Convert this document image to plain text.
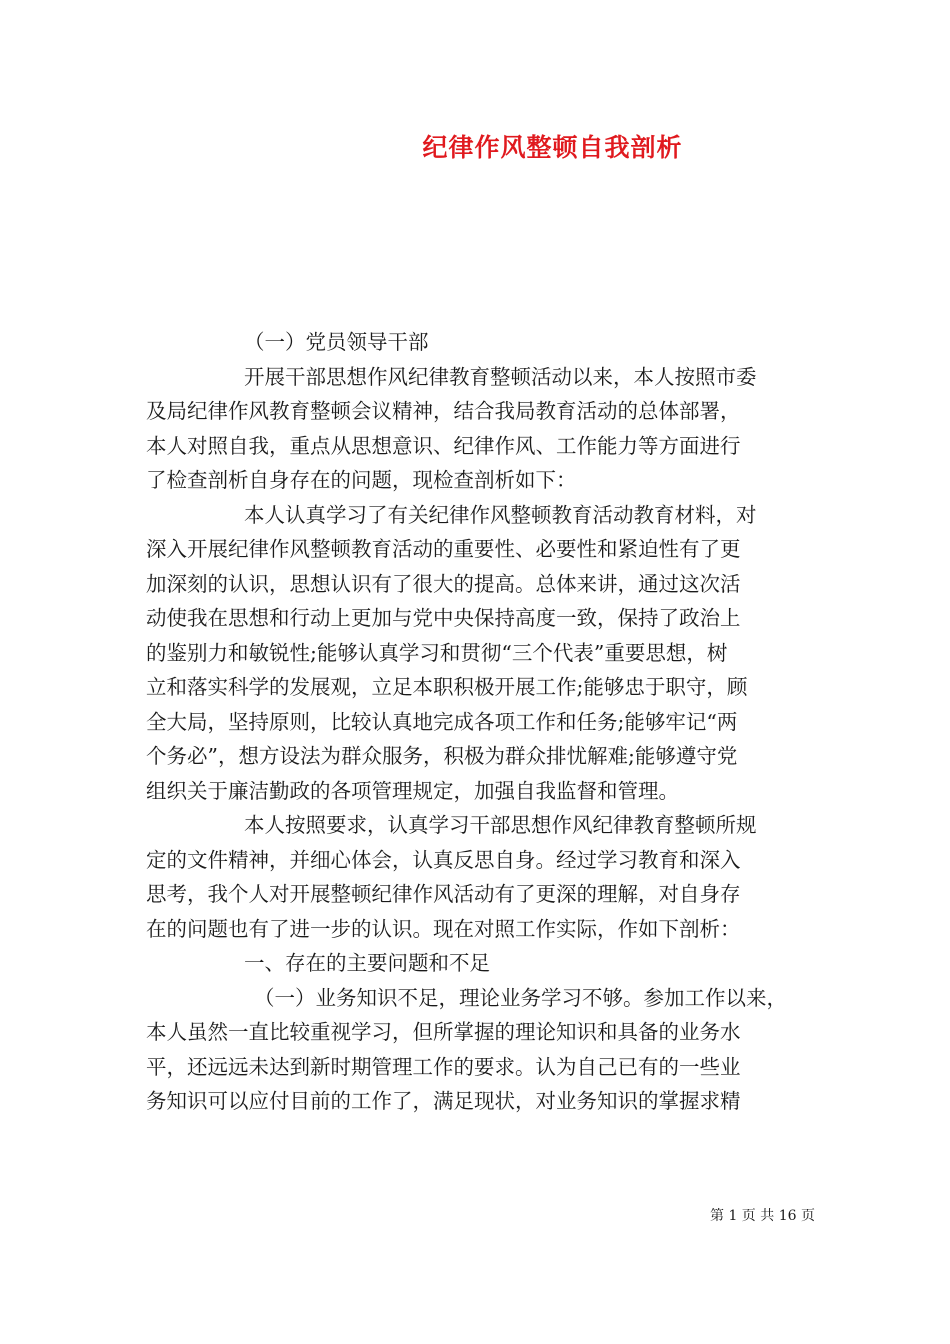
纪律作风整顿自我剖析
（一）党员领导干部
开展干部思想作风纪律教育整顿活动以来，本人按照市委
及局纪律作风教育整顿会议精神，结合我局教育活动的总体部署，
本人对照自我，重点从思想意识、纪律作风、工作能力等方面进行
了检查剖析自身存在的问题，现检查剖析如下：
本人认真学习了有关纪律作风整顿教育活动教育材料，对
深入开展纪律作风整顿教育活动的重要性、必要性和紧迫性有了更
加深刻的认识，思想认识有了很大的提高。总体来讲，通过这次活
动使我在思想和行动上更加与党中央保持高度一致，保持了政治上
的鉴别力和敏锐性;能够认真学习和贯彻“三个代表”重要思想，树
立和落实科学的发展观，立足本职积极开展工作;能够忠于职守，顾
全大局，坚持原则，比较认真地完成各项工作和任务;能够牢记“两
个务必”，想方设法为群众服务，积极为群众排忧解难;能够遵守党
组织关于廉洁勤政的各项管理规定，加强自我监督和管理。
本人按照要求，认真学习干部思想作风纪律教育整顿所规
定的文件精神，并细心体会，认真反思自身。经过学习教育和深入
思考，我个人对开展整顿纪律作风活动有了更深的理解，对自身存
在的问题也有了进一步的认识。现在对照工作实际，作如下剖析：
一、存在的主要问题和不足
（一）业务知识不足，理论业务学习不够。参加工作以来，
本人虽然一直比较重视学习，但所掌握的理论知识和具备的业务水
平，还远远未达到新时期管理工作的要求。认为自己已有的一些业
务知识可以应付目前的工作了，满足现状，对业务知识的掌握求精
第 1 页 共 16 页
